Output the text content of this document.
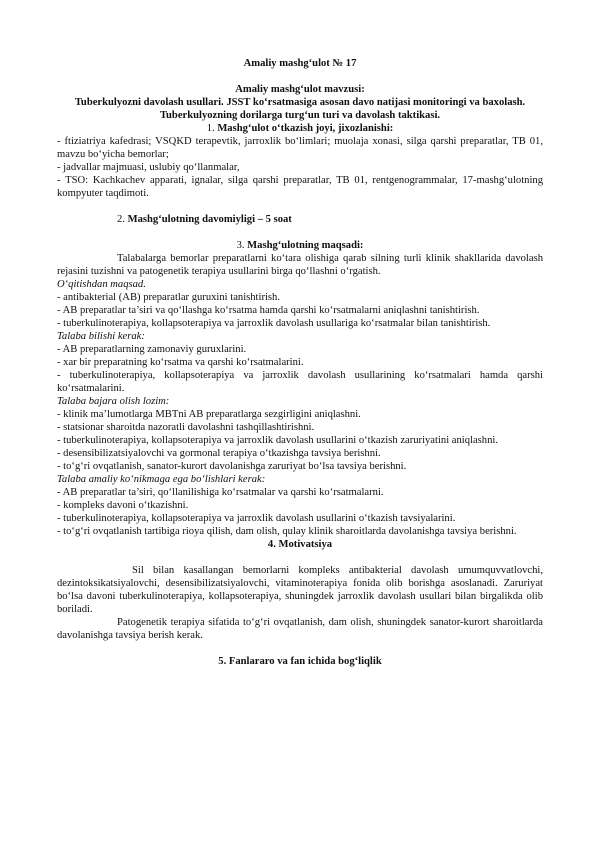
Amaliy mashg‘ulot № 17

Amaliy mashg‘ulot mavzusi:

Tuberkulyozni davolash usullari. JSST ko‘rsatmasiga asosan davo natijasi monitoringi va baxolash. Tuberkulyozning dorilarga turg‘un turi va davolash taktikasi.

1. Mashg‘ulot o‘tkazish joyi, jixozlanishi:

- ftiziatriya kafedrasi; VSQKD terapevtik, jarroxlik bo‘limlari; muolaja xonasi, silga qarshi preparatlar, TB 01, mavzu bo‘yicha bemorlar;

- jadvallar majmuasi, uslubiy qo‘llanmalar,

- TSO: Kachkachev apparati, ignalar, silga qarshi preparatlar, TB 01, rentgenogrammalar, 17-mashg‘ulotning kompyuter taqdimoti.

2. Mashg‘ulotning davomiyligi – 5 soat

3. Mashg‘ulotning maqsadi:

Talabalarga bemorlar preparatlarni ko‘tara olishiga qarab silning turli klinik shakllarida davolash rejasini tuzishni va patogenetik terapiya usullarini birga qo‘llashni o‘rgatish.

O‘qitishdan maqsad.

- antibakterial (AB) preparatlar guruxini tanishtirish.

- AB preparatlar ta’siri va qo‘llashga ko‘rsatma hamda qarshi ko‘rsatmalarni aniqlashni tanishtirish.

- tuberkulinoterapiya, kollapsoterapiya va jarroxlik davolash usullariga ko‘rsatmalar bilan tanishtirish.

Talaba bilishi kerak:

- AB preparatlarning zamonaviy guruxlarini.

- xar bir preparatning ko‘rsatma va qarshi ko‘rsatmalarini.

- tuberkulinoterapiya, kollapsoterapiya va jarroxlik davolash usullarining ko‘rsatmalari hamda qarshi ko‘rsatmalarini.

Talaba bajara olish lozim:

- klinik ma’lumotlarga MBTni AB preparatlarga sezgirligini aniqlashni.

- statsionar sharoitda nazoratli davolashni tashqillashtirishni.

- tuberkulinoterapiya, kollapsoterapiya va jarroxlik davolash usullarini o‘tkazish zaruriyatini aniqlashni.

- desensibilizatsiyalovchi va gormonal terapiya o‘tkazishga tavsiya berishni.

- to‘g‘ri ovqatlanish, sanator-kurort davolanishga zaruriyat bo‘lsa tavsiya berishni.

Talaba amaliy ko‘nikmaga ega bo‘lishlari kerak:

- AB preparatlar ta’siri, qo‘llanilishiga ko‘rsatmalar va qarshi ko‘rsatmalarni.

- kompleks davoni o‘tkazishni.

- tuberkulinoterapiya, kollapsoterapiya va jarroxlik davolash usullarini o‘tkazish tavsiyalarini.

- to‘g‘ri ovqatlanish tartibiga rioya qilish, dam olish, qulay klinik sharoitlarda davolanishga tavsiya berishni.

4. Motivatsiya

Sil bilan kasallangan bemorlarni kompleks antibakterial davolash umumquvvatlovchi, dezintoksikatsiyalovchi, desensibilizatsiyalovchi, vitaminoterapiya fonida olib borishga asoslanadi. Zaruriyat bo‘lsa davoni tuberkulinoterapiya, kollapsoterapiya, shuningdek jarroxlik davolash usullari bilan birgalikda olib boriladi.

Patogenetik terapiya sifatida to‘g‘ri ovqatlanish, dam olish, shuningdek sanator-kurort sharoitlarda davolanishga tavsiya berish kerak.

5. Fanlararo va fan ichida bog‘liqlik
